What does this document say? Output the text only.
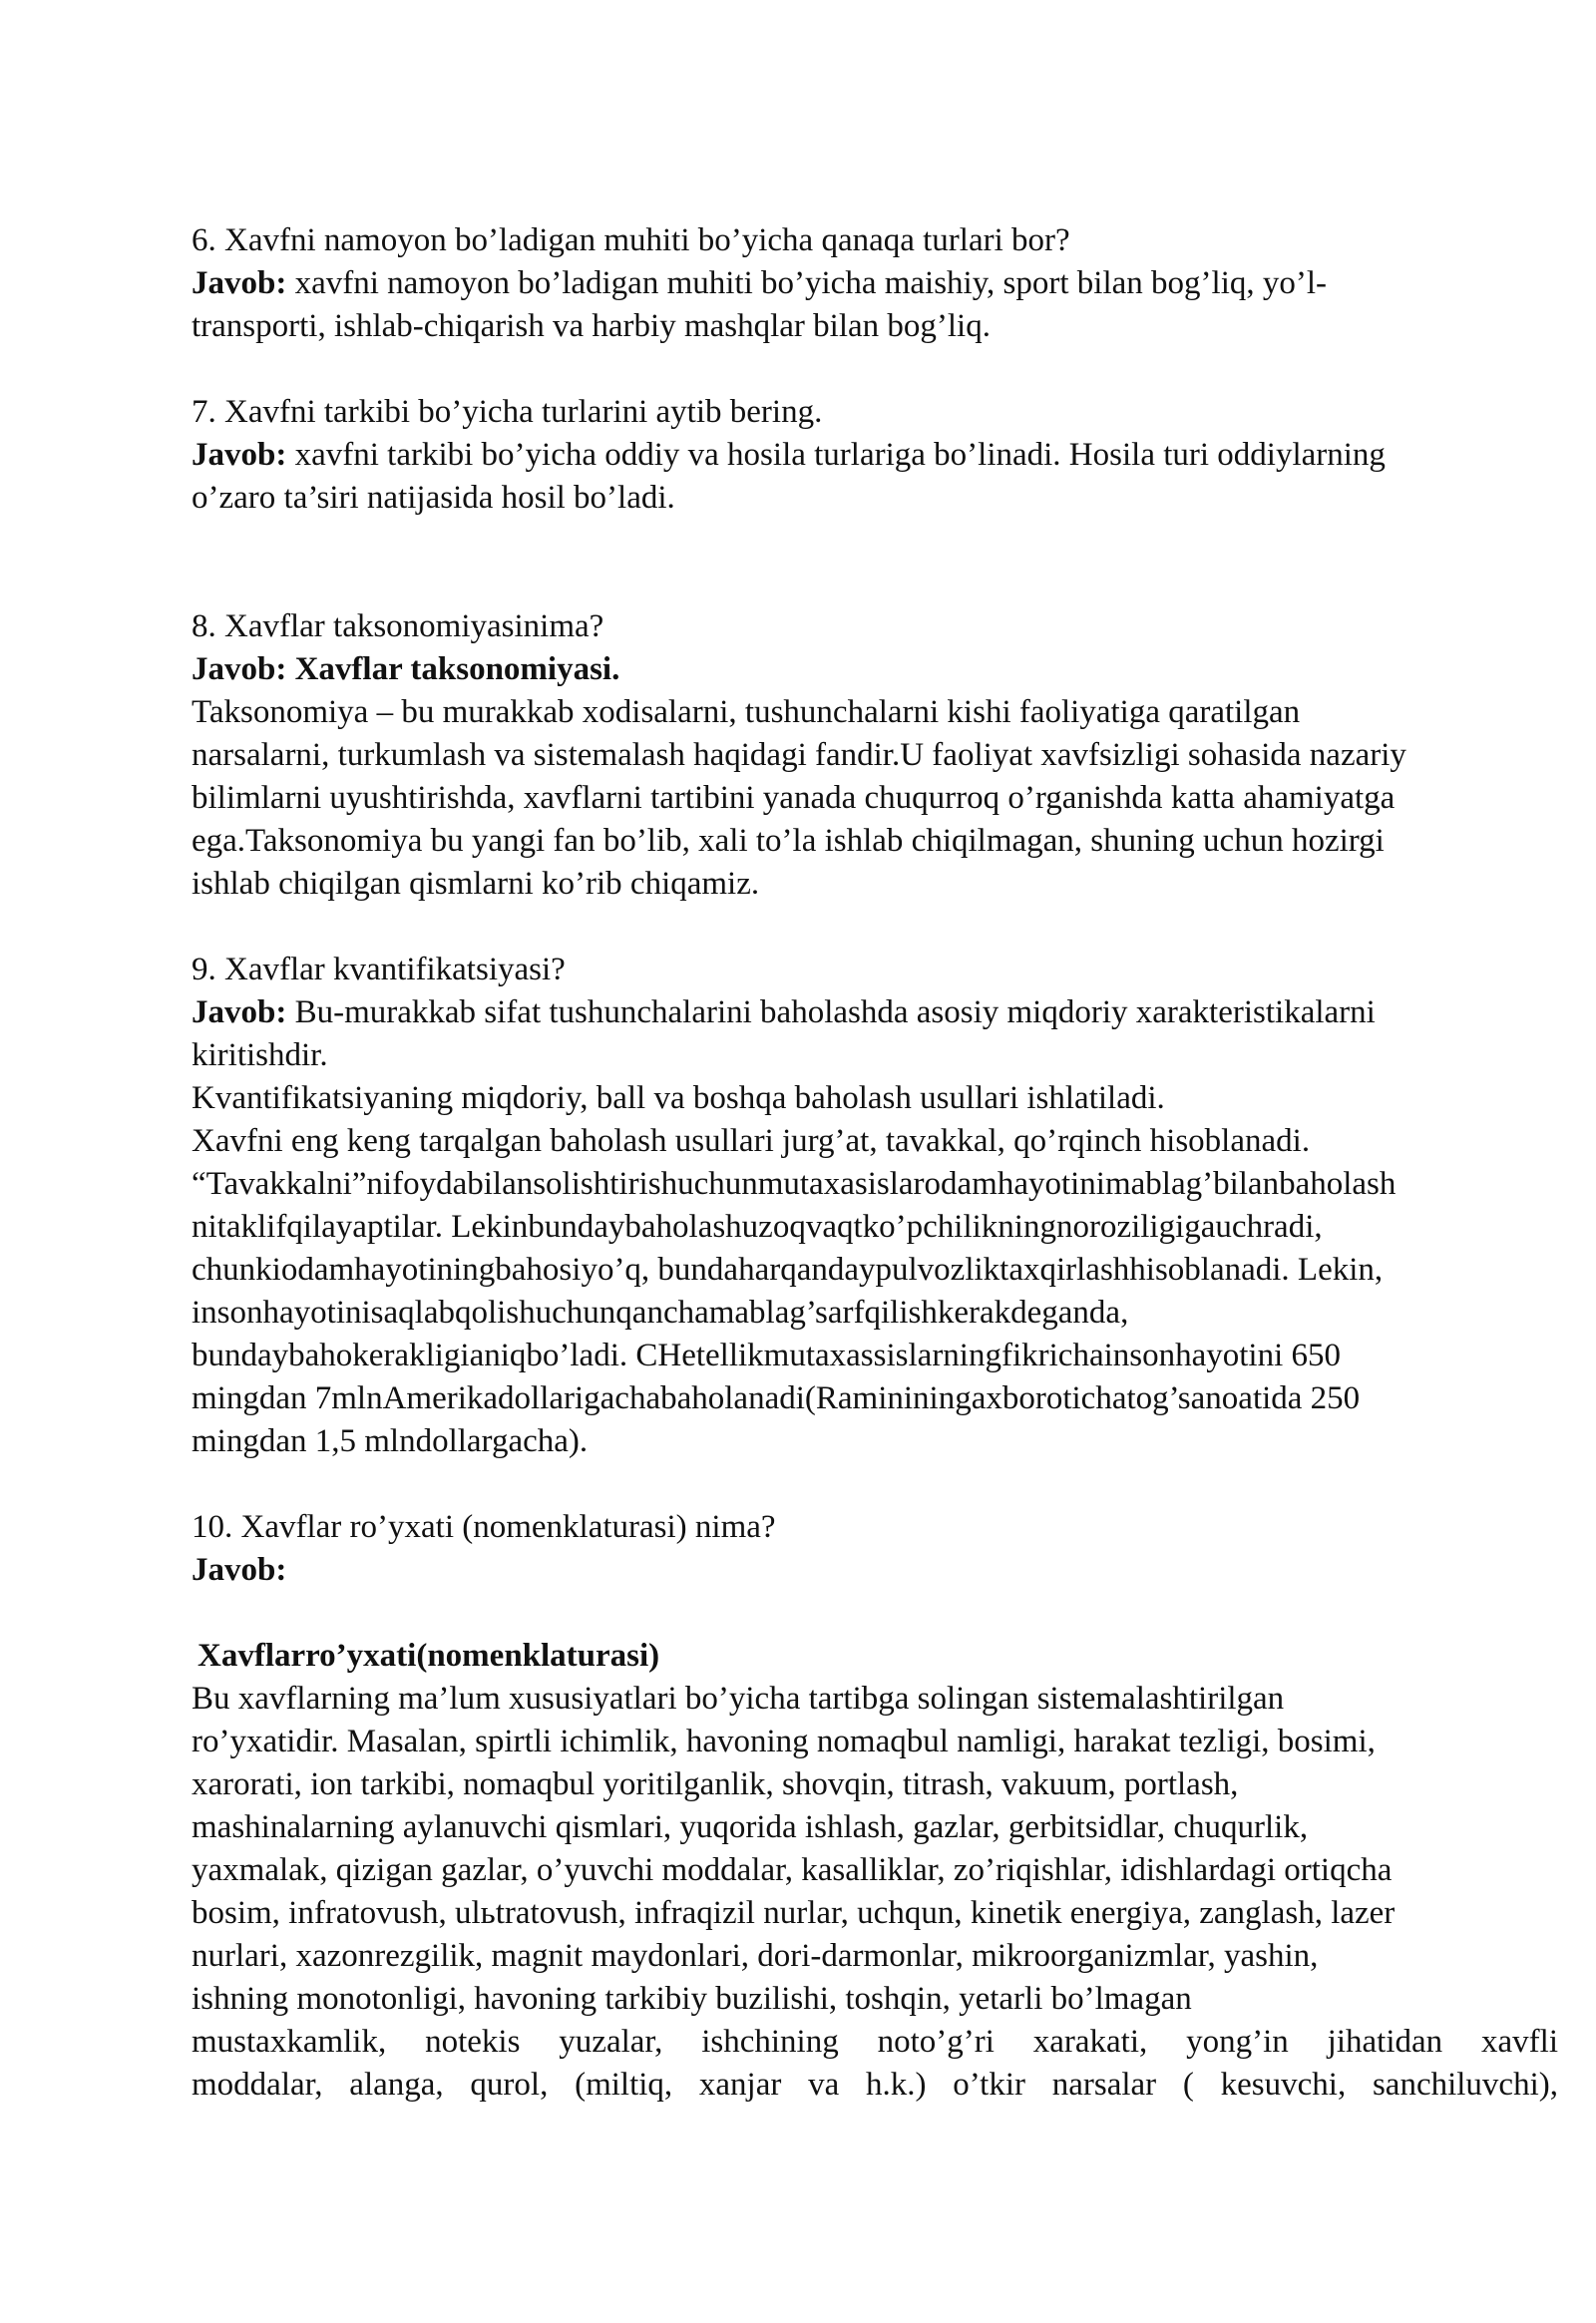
6. Xavfni namoyon bo’ladigan muhiti bo’yicha qanaqa turlari bor?
Javob: xavfni namoyon bo’ladigan muhiti bo’yicha maishiy, sport bilan bog’liq, yo’l-
transporti, ishlab-chiqarish va harbiy mashqlar bilan bog’liq.
7. Xavfni tarkibi bo’yicha turlarini aytib bering.
Javob: xavfni tarkibi bo’yicha oddiy va hosila turlariga bo’linadi. Hosila turi oddiylarning
o’zaro ta’siri natijasida hosil bo’ladi.
8. Xavflar taksonomiyasinima?
Javob: Xavflar taksonomiyasi.
Taksonomiya – bu murakkab xodisalarni, tushunchalarni kishi faoliyatiga qaratilgan
narsalarni, turkumlash va sistemalash haqidagi fandir.U faoliyat xavfsizligi sohasida nazariy
bilimlarni uyushtirishda, xavflarni tartibini yanada chuqurroq o’rganishda katta ahamiyatga
ega.Taksonomiya bu yangi fan bo’lib, xali to’la ishlab chiqilmagan, shuning uchun hozirgi
ishlab chiqilgan qismlarni ko’rib chiqamiz.
9. Xavflar kvantifikatsiyasi?
Javob: Bu-murakkab sifat tushunchalarini baholashda asosiy miqdoriy xarakteristikalarni
kiritishdir.
Kvantifikatsiyaning miqdoriy, ball va boshqa baholash usullari ishlatiladi.
Xavfni eng keng tarqalgan baholash usullari jurg’at, tavakkal, qo’rqinch hisoblanadi.
“Tavakkalni”nifoydabilansolishtirishuchunmutaxasislarodamhayotinimablag’bilanbaholash
nitaklifqilayaptilar. Lekinbundaybaholashuzoqvaqtko’pchilikningnoroziligigauchradi,
chunkiodamhayotiningbahosiyo’q, bundaharqandaypulvozliktaxqirlashhisoblanadi. Lekin,
insonhayotinisaqlabqolishuchunqanchamablag’sarfqilishkerakdeganda,
bundaybahokerakligianiqbo’ladi. CHetellikmutaxassislarningfikrichainsonhayotini 650
mingdan 7mlnAmerikadollarigachabaholanadi(Ramininingaxborotichatog’sanoatida 250
mingdan 1,5 mlndollargacha).
10. Xavflar ro’yxati (nomenklaturasi) nima?
Javob:
Xavflarro’yxati(nomenklaturasi)
Bu xavflarning ma’lum xususiyatlari bo’yicha tartibga solingan sistemalashtirilgan
ro’yxatidir. Masalan, spirtli ichimlik, havoning nomaqbul namligi, harakat tezligi, bosimi,
xarorati, ion tarkibi, nomaqbul yoritilganlik, shovqin, titrash, vakuum, portlash,
mashinalarning aylanuvchi qismlari, yuqorida ishlash, gazlar, gerbitsidlar, chuqurlik,
yaxmalak, qizigan gazlar, o’yuvchi moddalar, kasalliklar, zo’riqishlar, idishlardagi ortiqcha
bosim, infratovush, ulьtratovush, infraqizil nurlar, uchqun, kinetik energiya, zanglash, lazer
nurlari, xazonrezgilik, magnit maydonlari, dori-darmonlar, mikroorganizmlar, yashin,
ishning monotonligi, havoning tarkibiy buzilishi, toshqin, yetarli bo’lmagan
mustaxkamlik, notekis yuzalar, ishchining noto’g’ri xarakati, yong’in jihatidan xavfli
moddalar, alanga, qurol, (miltiq, xanjar va h.k.) o’tkir narsalar ( kesuvchi, sanchiluvchi),
